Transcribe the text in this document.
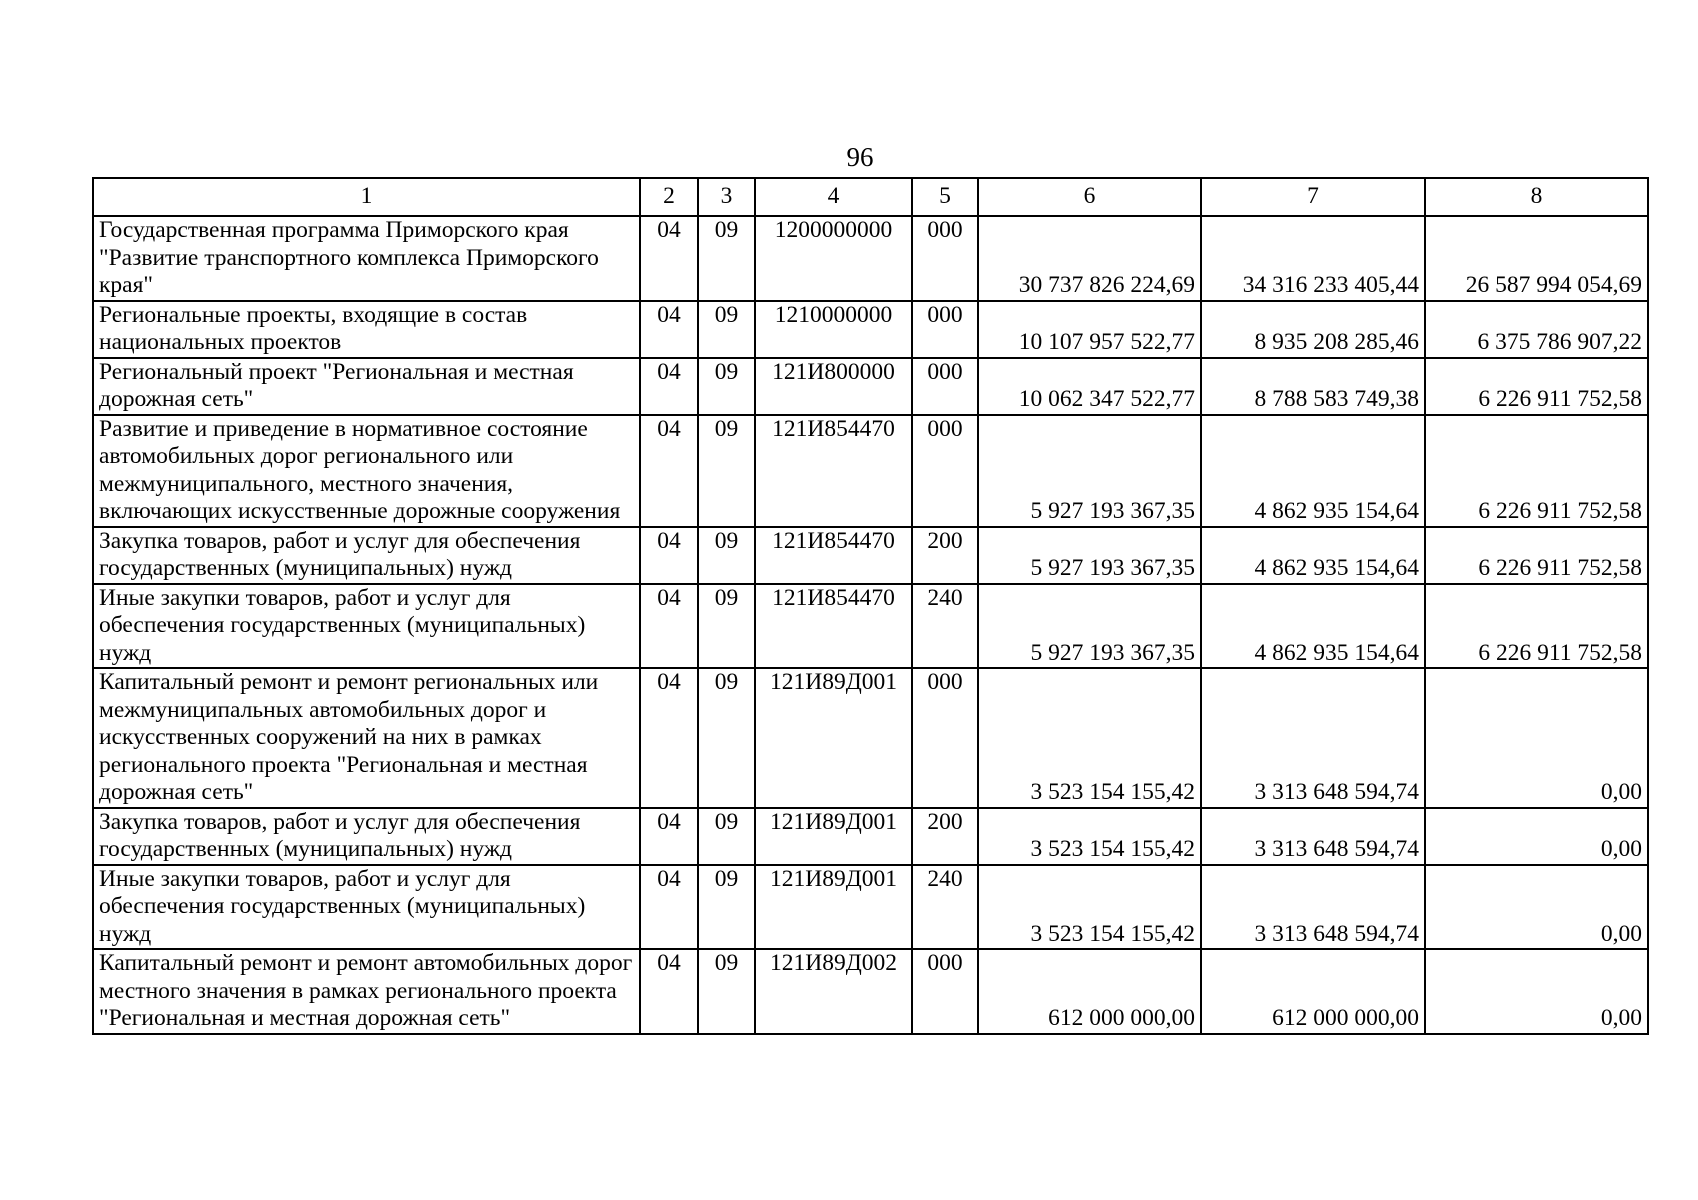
96
1	2	3	4	5	6	7	8
Государственная программа Приморского края "Развитие транспортного комплекса Приморского края"	04	09	1200000000	000	30 737 826 224,69	34 316 233 405,44	26 587 994 054,69
Региональные проекты, входящие в состав национальных проектов	04	09	1210000000	000	10 107 957 522,77	8 935 208 285,46	6 375 786 907,22
Региональный проект "Региональная и местная дорожная сеть"	04	09	121И800000	000	10 062 347 522,77	8 788 583 749,38	6 226 911 752,58
Развитие и приведение в нормативное состояние автомобильных дорог регионального или межмуниципального, местного значения, включающих искусственные дорожные сооружения	04	09	121И854470	000	5 927 193 367,35	4 862 935 154,64	6 226 911 752,58
Закупка товаров, работ и услуг для обеспечения государственных (муниципальных) нужд	04	09	121И854470	200	5 927 193 367,35	4 862 935 154,64	6 226 911 752,58
Иные закупки товаров, работ и услуг для обеспечения государственных (муниципальных) нужд	04	09	121И854470	240	5 927 193 367,35	4 862 935 154,64	6 226 911 752,58
Капитальный ремонт и ремонт региональных или межмуниципальных автомобильных дорог и искусственных сооружений на них в рамках регионального проекта "Региональная и местная дорожная сеть"	04	09	121И89Д001	000	3 523 154 155,42	3 313 648 594,74	0,00
Закупка товаров, работ и услуг для обеспечения государственных (муниципальных) нужд	04	09	121И89Д001	200	3 523 154 155,42	3 313 648 594,74	0,00
Иные закупки товаров, работ и услуг для обеспечения государственных (муниципальных) нужд	04	09	121И89Д001	240	3 523 154 155,42	3 313 648 594,74	0,00
Капитальный ремонт и ремонт автомобильных дорог местного значения в рамках регионального проекта "Региональная и местная дорожная сеть"	04	09	121И89Д002	000	612 000 000,00	612 000 000,00	0,00
